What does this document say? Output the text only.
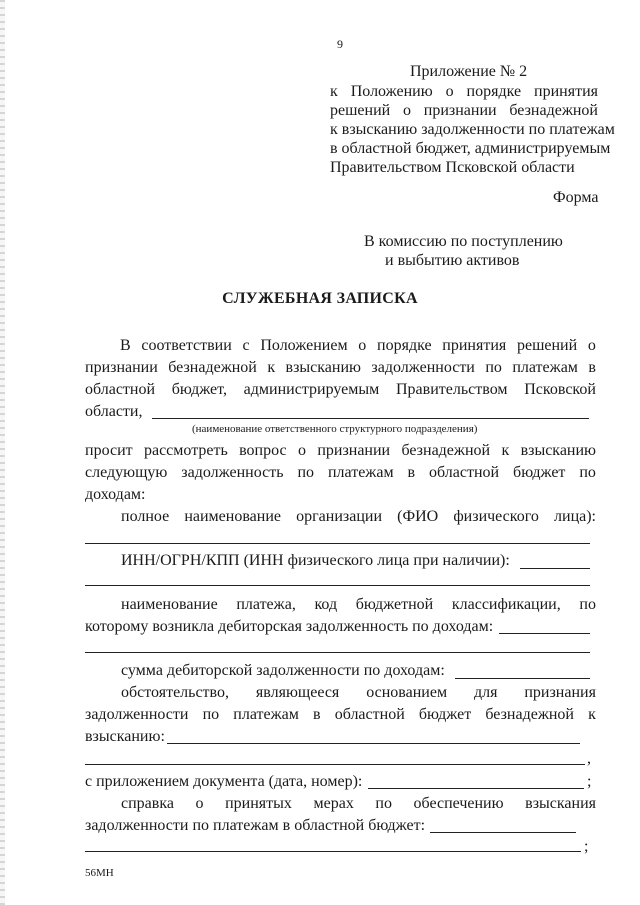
9
Приложение № 2
к Положению о порядке принятия
решений о признании безнадежной
к взысканию задолженности по платежам
в областной бюджет, администрируемым
Правительством Псковской области
Форма
В комиссию по поступлению
и выбытию активов
СЛУЖЕБНАЯ ЗАПИСКА
В соответствии с Положением о порядке принятия решений о
признании безнадежной к взысканию задолженности по платежам в
областной бюджет, администрируемым Правительством Псковской
области,
(наименование ответственного структурного подразделения)
просит рассмотреть вопрос о признании безнадежной к взысканию
следующую задолженность по платежам в областной бюджет по
доходам:
полное наименование организации (ФИО физического лица):
ИНН/ОГРН/КПП (ИНН физического лица при наличии):
наименование платежа, код бюджетной классификации, по
которому возникла дебиторская задолженность по доходам:
сумма дебиторской задолженности по доходам:
обстоятельство, являющееся основанием для признания
задолженности по платежам в областной бюджет безнадежной к
взысканию:
,
с приложением документа (дата, номер):	;
справка о принятых мерах по обеспечению взыскания
задолженности по платежам в областной бюджет:
;
56МН
